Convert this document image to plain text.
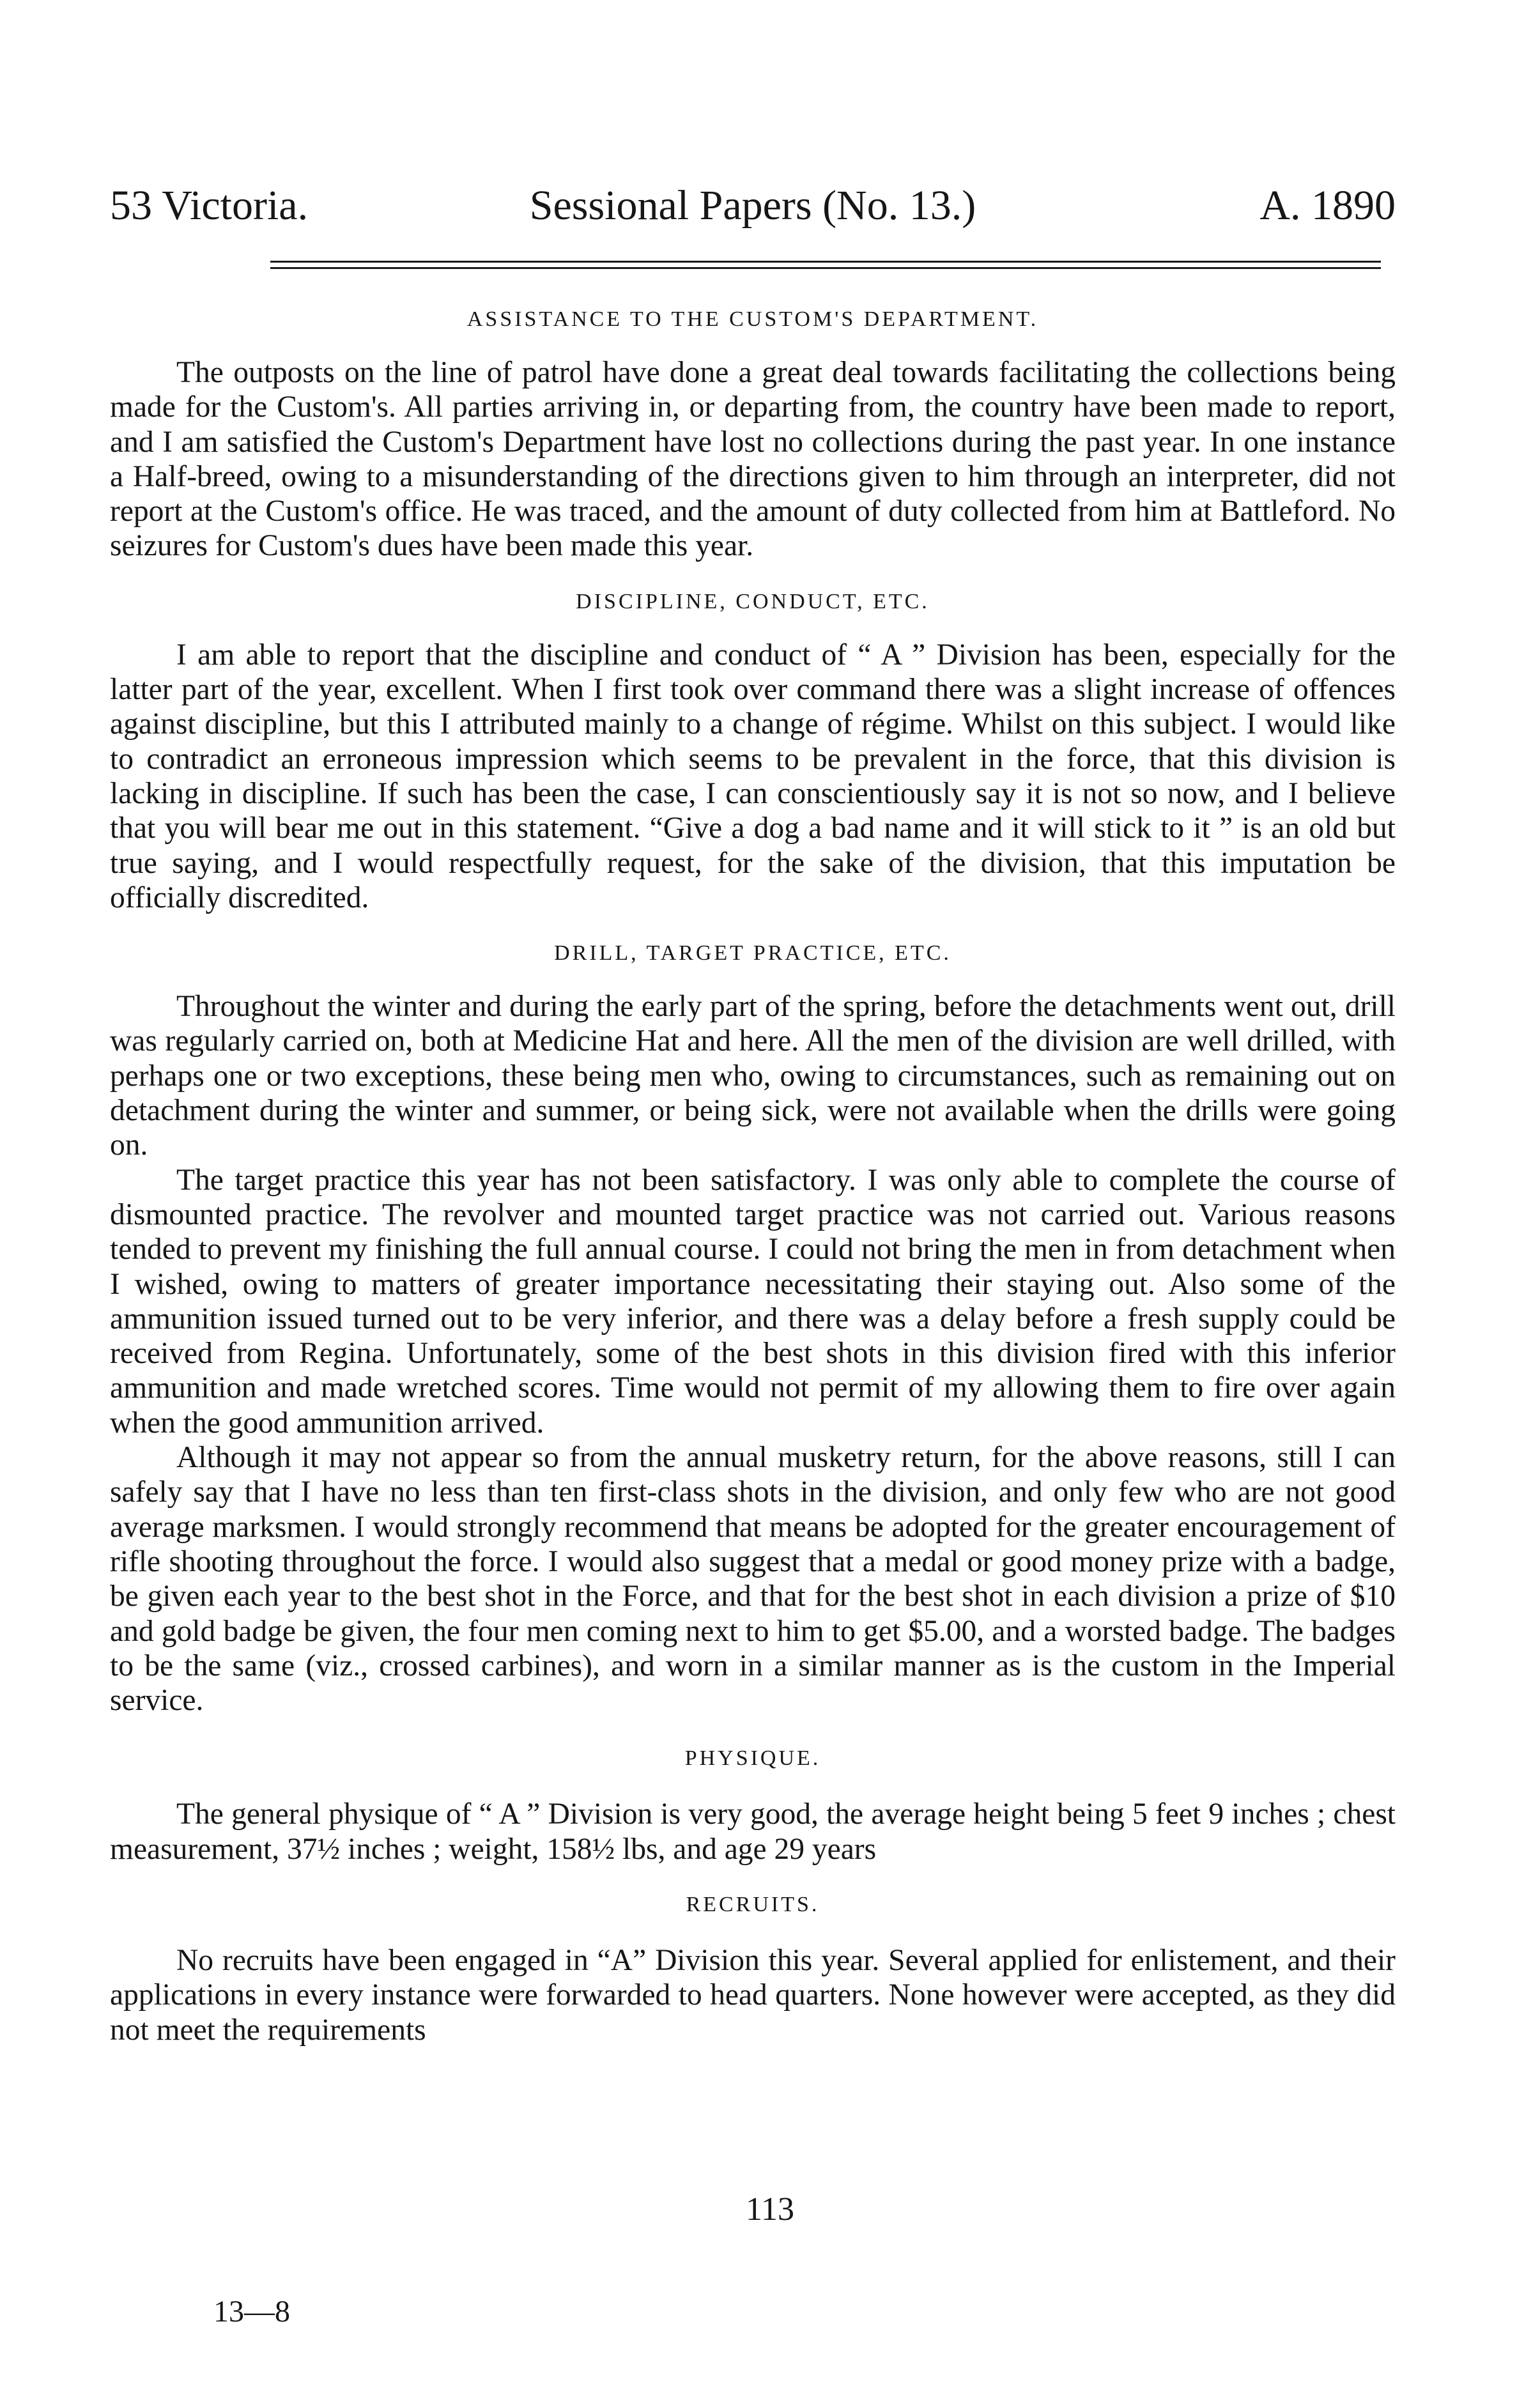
53 Victoria.	Sessional Papers (No. 13.)	A. 1890
ASSISTANCE TO THE CUSTOM'S DEPARTMENT.

The outposts on the line of patrol have done a great deal towards facilitating the collections being made for the Custom's. All parties arriving in, or departing from, the country have been made to report, and I am satisfied the Custom's Department have lost no collections during the past year. In one instance a Half-breed, owing to a misunderstanding of the directions given to him through an interpreter, did not report at the Custom's office. He was traced, and the amount of duty collected from him at Battleford. No seizures for Custom's dues have been made this year.

DISCIPLINE, CONDUCT, ETC.

I am able to report that the discipline and conduct of “ A ” Division has been, especially for the latter part of the year, excellent. When I first took over command there was a slight increase of offences against discipline, but this I attributed mainly to a change of régime. Whilst on this subject. I would like to contradict an erroneous impression which seems to be prevalent in the force, that this division is lacking in discipline. If such has been the case, I can conscientiously say it is not so now, and I believe that you will bear me out in this statement. “Give a dog a bad name and it will stick to it ” is an old but true saying, and I would respectfully request, for the sake of the division, that this imputation be officially discredited.

DRILL, TARGET PRACTICE, ETC.

Throughout the winter and during the early part of the spring, before the detachments went out, drill was regularly carried on, both at Medicine Hat and here. All the men of the division are well drilled, with perhaps one or two exceptions, these being men who, owing to circumstances, such as remaining out on detachment during the winter and summer, or being sick, were not available when the drills were going on.

The target practice this year has not been satisfactory. I was only able to complete the course of dismounted practice. The revolver and mounted target practice was not carried out. Various reasons tended to prevent my finishing the full annual course. I could not bring the men in from detachment when I wished, owing to matters of greater importance necessitating their staying out. Also some of the ammunition issued turned out to be very inferior, and there was a delay before a fresh supply could be received from Regina. Unfortunately, some of the best shots in this division fired with this inferior ammunition and made wretched scores. Time would not permit of my allowing them to fire over again when the good ammunition arrived.

Although it may not appear so from the annual musketry return, for the above reasons, still I can safely say that I have no less than ten first-class shots in the division, and only few who are not good average marksmen. I would strongly recommend that means be adopted for the greater encouragement of rifle shooting throughout the force. I would also suggest that a medal or good money prize with a badge, be given each year to the best shot in the Force, and that for the best shot in each division a prize of $10 and gold badge be given, the four men coming next to him to get $5.00, and a worsted badge. The badges to be the same (viz., crossed carbines), and worn in a similar manner as is the custom in the Imperial service.

PHYSIQUE.

The general physique of “ A ” Division is very good, the average height being 5 feet 9 inches ; chest measurement, 37½ inches ; weight, 158½ lbs, and age 29 years

RECRUITS.

No recruits have been engaged in “A” Division this year. Several applied for enlistement, and their applications in every instance were forwarded to head quarters. None however were accepted, as they did not meet the requirements

113
13—8
